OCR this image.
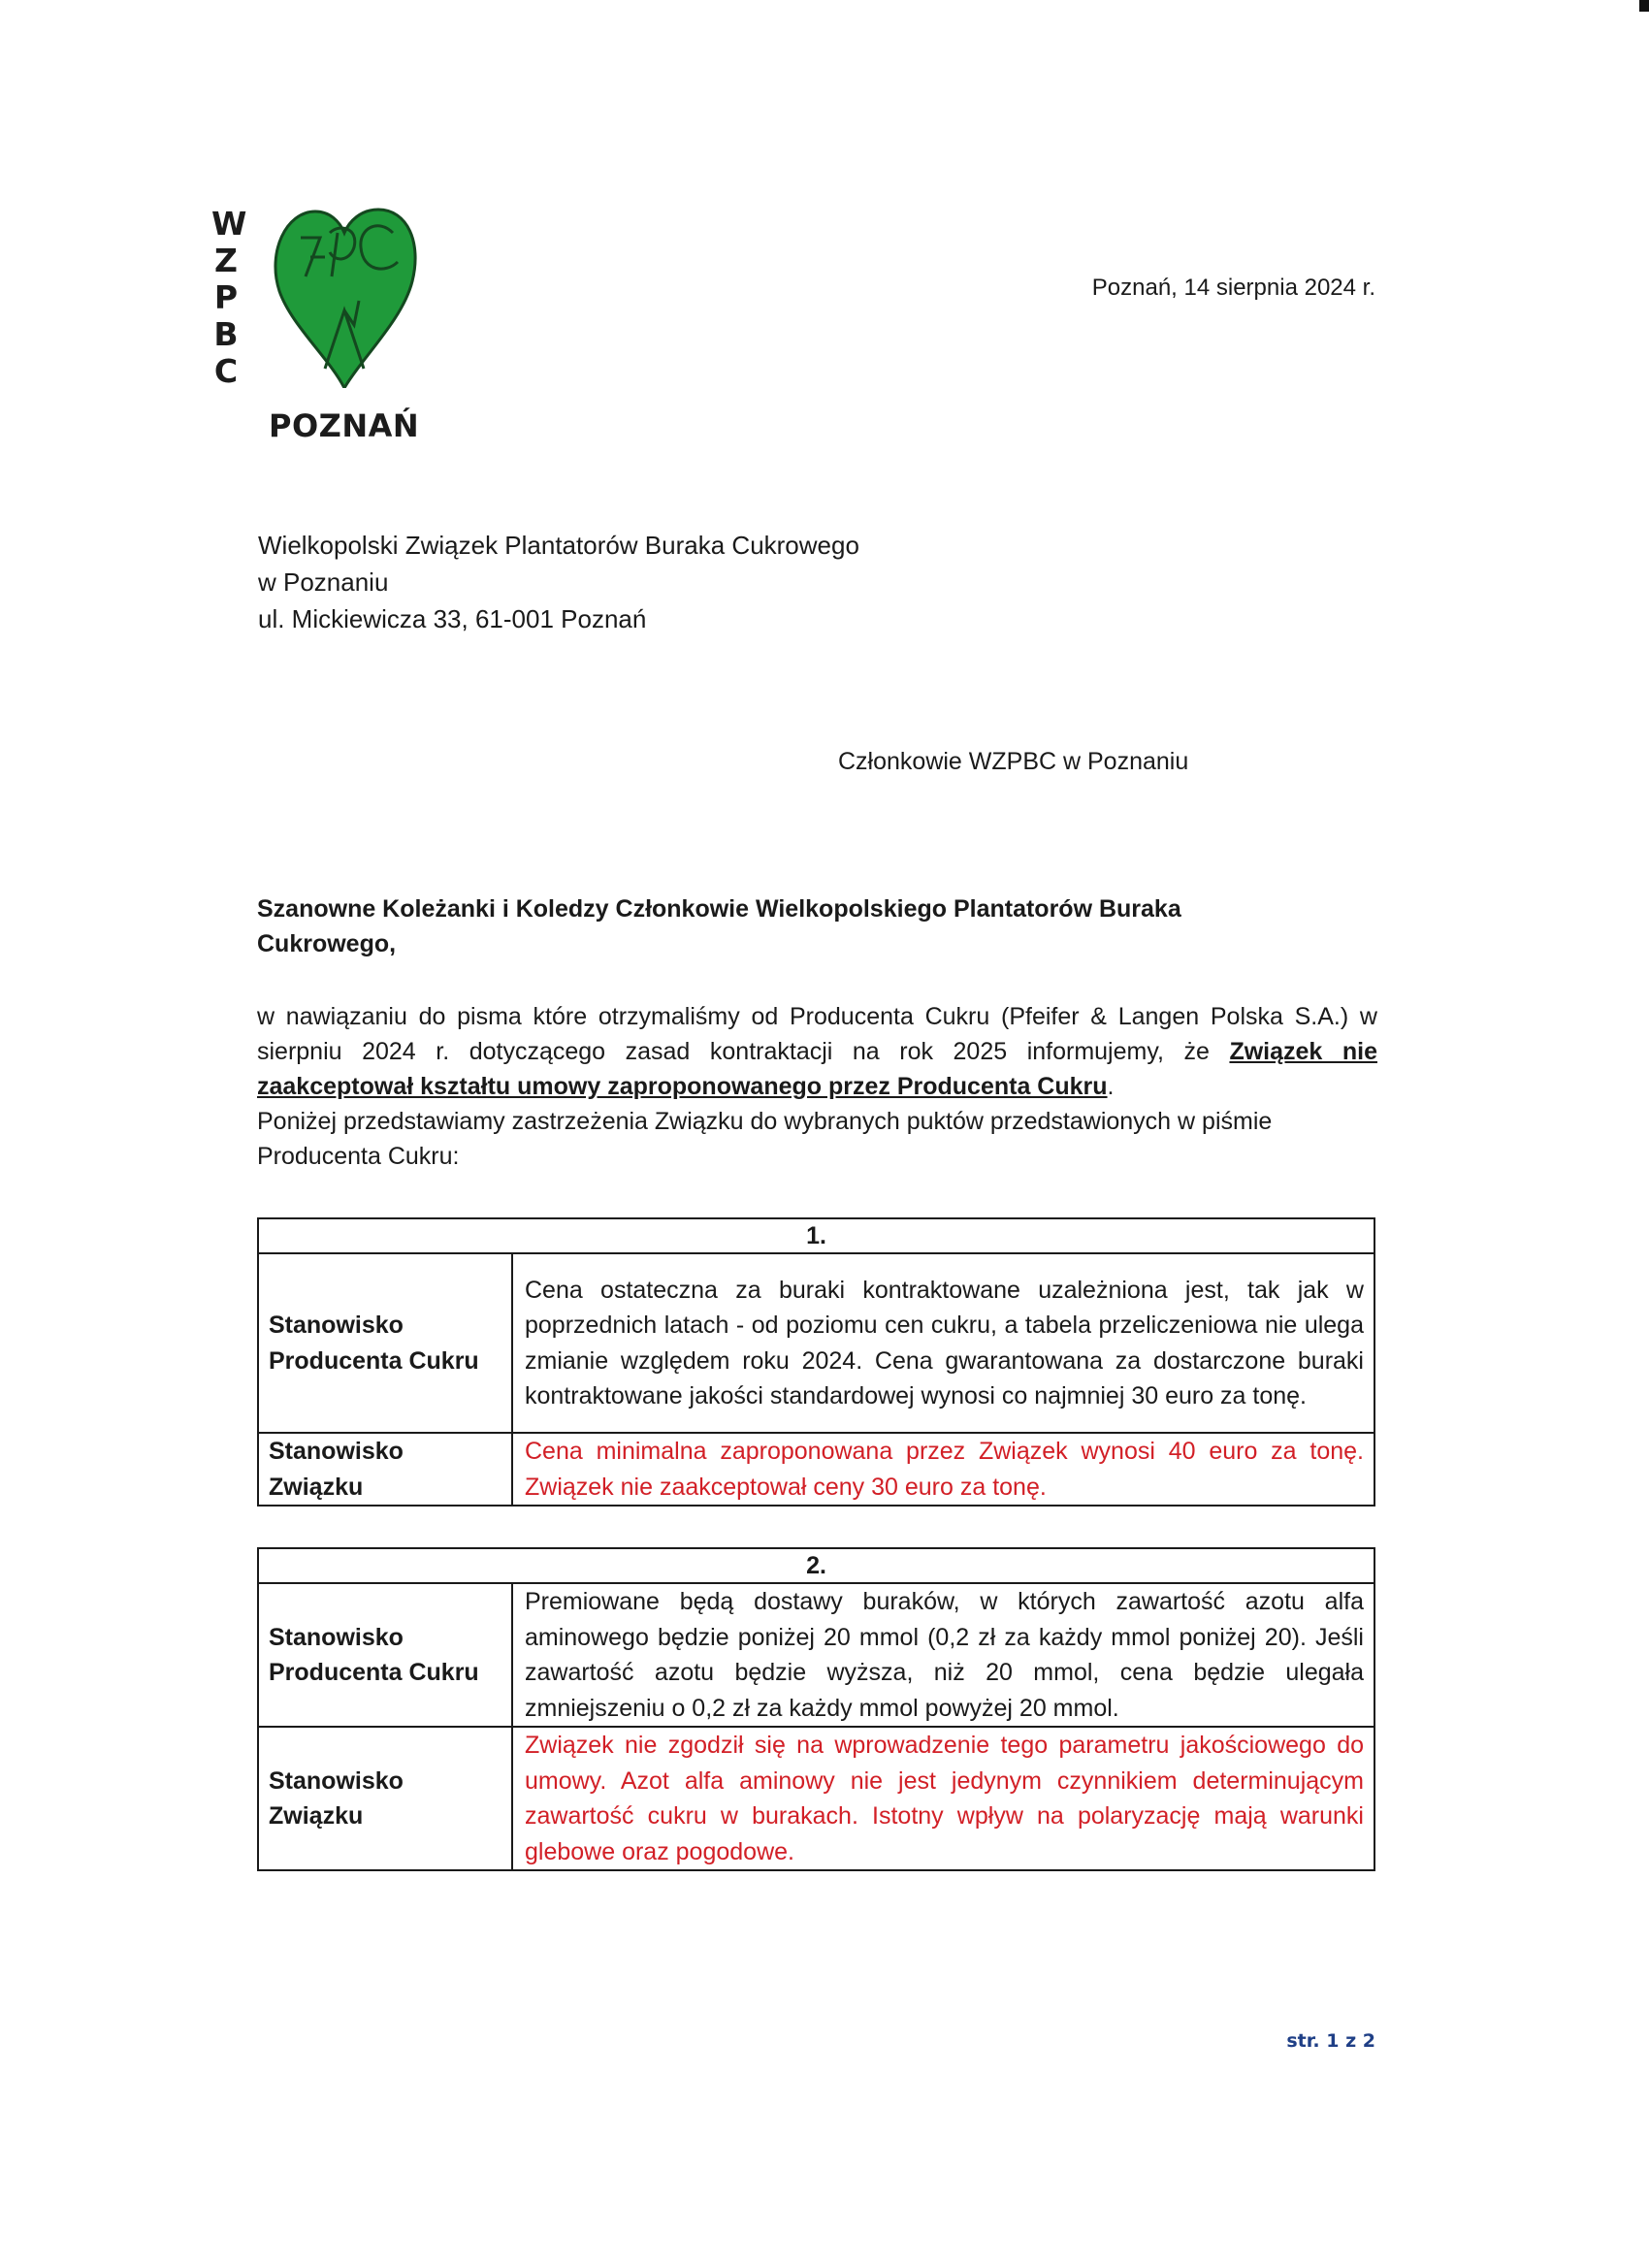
W
Z
P
B
C
POZNAŃ
Poznań, 14 sierpnia 2024 r.
Wielkopolski Związek Plantatorów Buraka Cukrowego
w Poznaniu
ul. Mickiewicza 33, 61-001 Poznań
Członkowie WZPBC w Poznaniu
Szanowne Koleżanki i Koledzy Członkowie Wielkopolskiego Plantatorów Buraka Cukrowego,
w nawiązaniu do pisma które otrzymaliśmy od Producenta Cukru (Pfeifer & Langen Polska S.A.) w sierpniu 2024 r. dotyczącego zasad kontraktacji na rok 2025 informujemy, że Związek nie zaakceptował kształtu umowy zaproponowanego przez Producenta Cukru.
Poniżej przedstawiamy zastrzeżenia Związku do wybranych puktów przedstawionych w piśmie Producenta Cukru:
1.	
Stanowisko Producenta Cukru	Cena ostateczna za buraki kontraktowane uzależniona jest, tak jak w poprzednich latach - od poziomu cen cukru, a tabela przeliczeniowa nie ulega zmianie względem roku 2024. Cena gwarantowana za dostarczone buraki kontraktowane jakości standardowej wynosi co najmniej 30 euro za tonę.
Stanowisko Związku	Cena minimalna zaproponowana przez Związek wynosi 40 euro za tonę. Związek nie zaakceptował ceny 30 euro za tonę.
2.	
Stanowisko Producenta Cukru	Premiowane będą dostawy buraków, w których zawartość azotu alfa aminowego będzie poniżej 20 mmol (0,2 zł za każdy mmol poniżej 20). Jeśli zawartość azotu będzie wyższa, niż 20 mmol, cena będzie ulegała zmniejszeniu o 0,2 zł za każdy mmol powyżej 20 mmol.
Stanowisko Związku	Związek nie zgodził się na wprowadzenie tego parametru jakościowego do umowy. Azot alfa aminowy nie jest jedynym czynnikiem determinującym zawartość cukru w burakach. Istotny wpływ na polaryzację mają warunki glebowe oraz pogodowe.
str. 1 z 2
